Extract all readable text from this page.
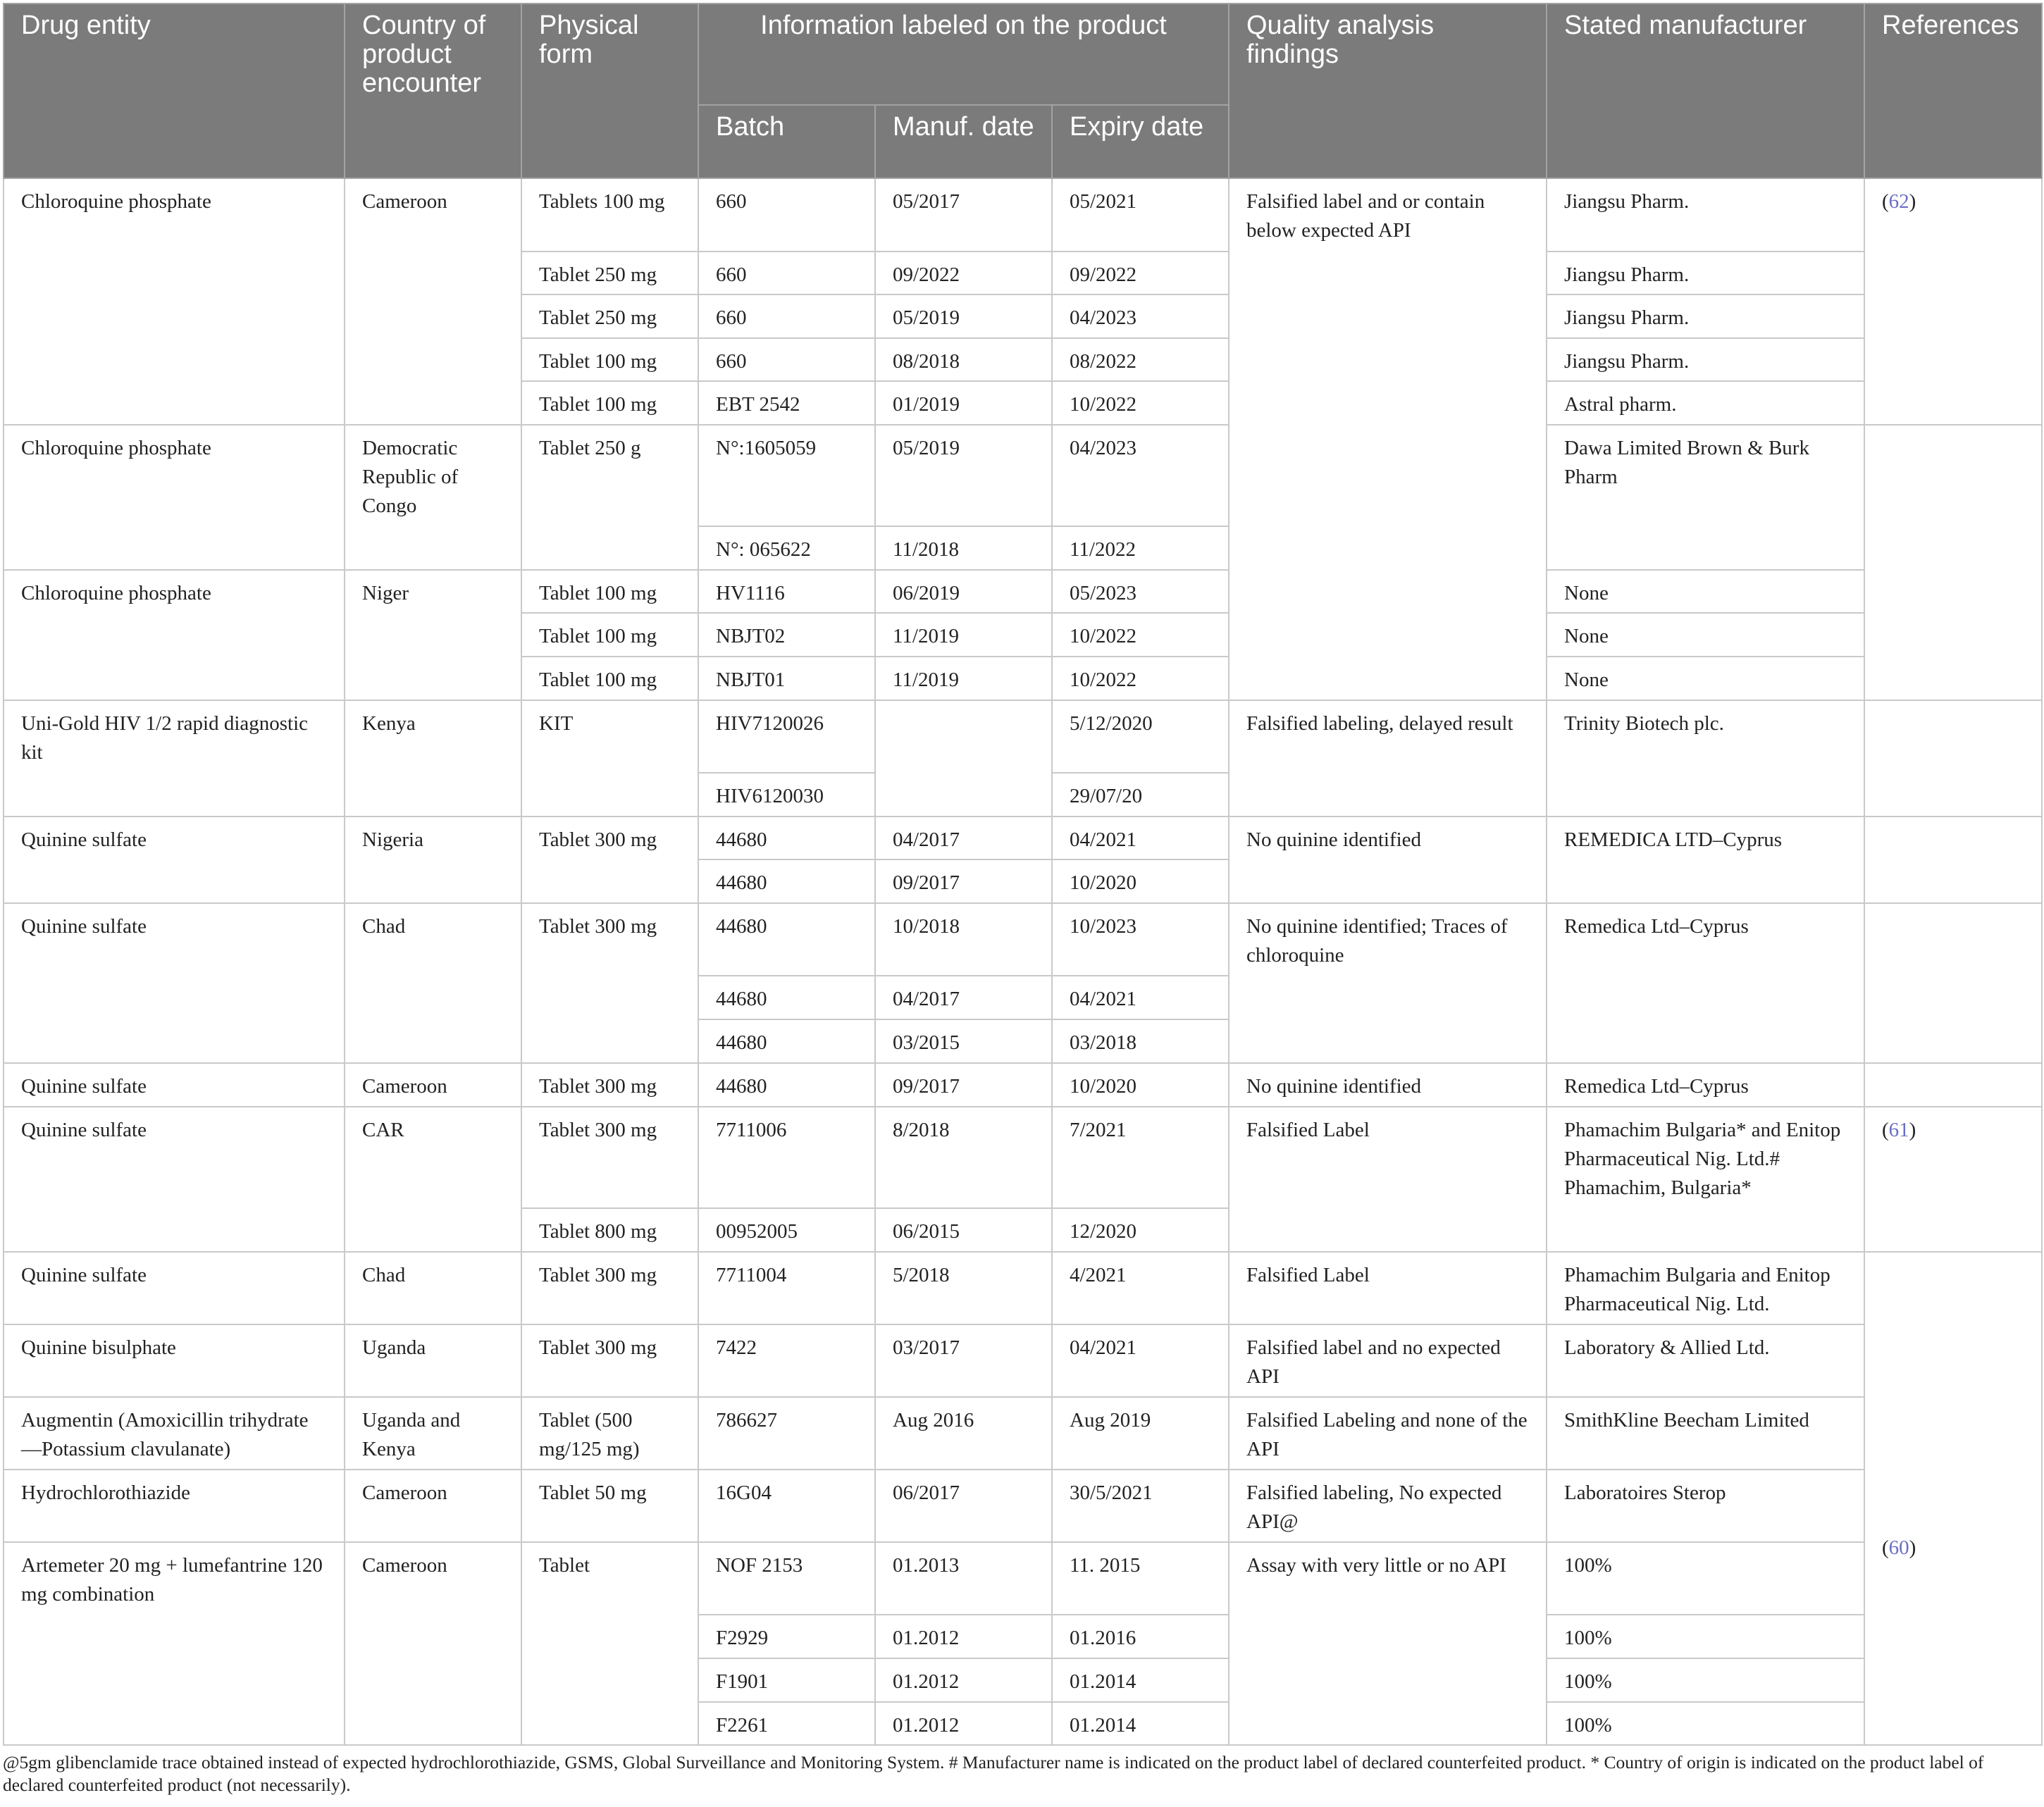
Drug entity	Country of product encounter	Physical form	Information labeled on the product			Quality analysis findings	Stated manufacturer	References
			Batch	Manuf. date	Expiry date			
Chloroquine phosphate	Cameroon	Tablets 100 mg	660	05/2017	05/2021	Falsified label and or contain below expected API	Jiangsu Pharm.	(62)
		Tablet 250 mg	660	09/2022	09/2022		Jiangsu Pharm.	
		Tablet 250 mg	660	05/2019	04/2023		Jiangsu Pharm.	
		Tablet 100 mg	660	08/2018	08/2022		Jiangsu Pharm.	
		Tablet 100 mg	EBT 2542	01/2019	10/2022		Astral pharm.	
Chloroquine phosphate	Democratic Republic of Congo	Tablet 250 g	N°:1605059	05/2019	04/2023		Dawa Limited Brown & Burk Pharm	
			N°: 065622	11/2018	11/2022			
Chloroquine phosphate	Niger	Tablet 100 mg	HV1116	06/2019	05/2023		None	
		Tablet 100 mg	NBJT02	11/2019	10/2022		None	
		Tablet 100 mg	NBJT01	11/2019	10/2022		None	
Uni-Gold HIV 1/2 rapid diagnostic kit	Kenya	KIT	HIV7120026		5/12/2020	Falsified labeling, delayed result	Trinity Biotech plc.	
			HIV6120030		29/07/20			
Quinine sulfate	Nigeria	Tablet 300 mg	44680	04/2017	04/2021	No quinine identified	REMEDICA LTD–Cyprus	
			44680	09/2017	10/2020			
Quinine sulfate	Chad	Tablet 300 mg	44680	10/2018	10/2023	No quinine identified; Traces of chloroquine	Remedica Ltd–Cyprus	
			44680	04/2017	04/2021			
			44680	03/2015	03/2018			
Quinine sulfate	Cameroon	Tablet 300 mg	44680	09/2017	10/2020	No quinine identified	Remedica Ltd–Cyprus	
Quinine sulfate	CAR	Tablet 300 mg	7711006	8/2018	7/2021	Falsified Label	Phamachim Bulgaria* and Enitop Pharmaceutical Nig. Ltd.# Phamachim, Bulgaria*	(61)
		Tablet 800 mg	00952005	06/2015	12/2020			
Quinine sulfate	Chad	Tablet 300 mg	7711004	5/2018	4/2021	Falsified Label	Phamachim Bulgaria and Enitop Pharmaceutical Nig. Ltd.	(60)
Quinine bisulphate	Uganda	Tablet 300 mg	7422	03/2017	04/2021	Falsified label and no expected API	Laboratory & Allied Ltd.	
Augmentin (Amoxicillin trihydrate—Potassium clavulanate)	Uganda and Kenya	Tablet (500 mg/125 mg)	786627	Aug 2016	Aug 2019	Falsified Labeling and none of the API	SmithKline Beecham Limited	
Hydrochlorothiazide	Cameroon	Tablet 50 mg	16G04	06/2017	30/5/2021	Falsified labeling, No expected API@	Laboratoires Sterop	
Artemeter 20 mg + lumefantrine 120 mg combination	Cameroon	Tablet	NOF 2153	01.2013	11. 2015	Assay with very little or no API	100%	
			F2929	01.2012	01.2016		100%	
			F1901	01.2012	01.2014		100%	
			F2261	01.2012	01.2014		100%	
@5gm glibenclamide trace obtained instead of expected hydrochlorothiazide, GSMS, Global Surveillance and Monitoring System. # Manufacturer name is indicated on the product label of declared counterfeited product. * Country of origin is indicated on the product label of declared counterfeited product (not necessarily).
